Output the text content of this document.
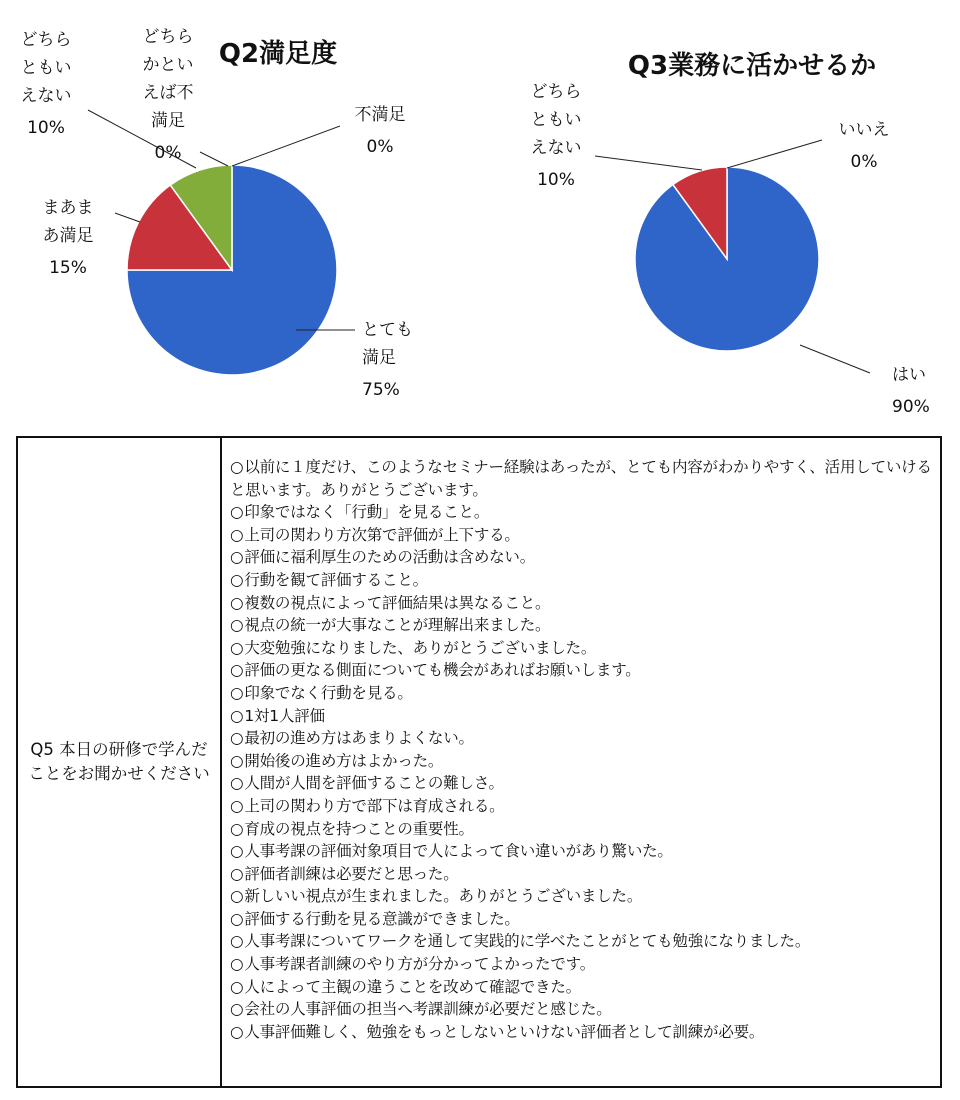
Q2満足度
とても
満足
75%
まあま
あ満足
15%
どちら
ともい
えない
10%
どちら
かとい
えば不
満足
0%
不満足
0%
Q3業務に活かせるか
はい
90%
どちら
ともい
えない
10%
いいえ
0%
Q5 本日の研修で学んだことをお聞かせください
○以前に１度だけ、このようなセミナー経験はあったが、とても内容がわかりやすく、活用していけると思います。ありがとうございます。
○印象ではなく「行動」を見ること。
○上司の関わり方次第で評価が上下する。
○評価に福利厚生のための活動は含めない。
○行動を観て評価すること。
○複数の視点によって評価結果は異なること。
○視点の統一が大事なことが理解出来ました。
○大変勉強になりました、ありがとうございました。
○評価の更なる側面についても機会があればお願いします。
○印象でなく行動を見る。
○1対1人評価
○最初の進め方はあまりよくない。
○開始後の進め方はよかった。
○人間が人間を評価することの難しさ。
○上司の関わり方で部下は育成される。
○育成の視点を持つことの重要性。
○人事考課の評価対象項目で人によって食い違いがあり驚いた。
○評価者訓練は必要だと思った。
○新しいい視点が生まれました。ありがとうございました。
○評価する行動を見る意識ができました。
○人事考課についてワークを通して実践的に学べたことがとても勉強になりました。
○人事考課者訓練のやり方が分かってよかったです。
○人によって主観の違うことを改めて確認できた。
○会社の人事評価の担当へ考課訓練が必要だと感じた。
○人事評価難しく、勉強をもっとしないといけない評価者として訓練が必要。
